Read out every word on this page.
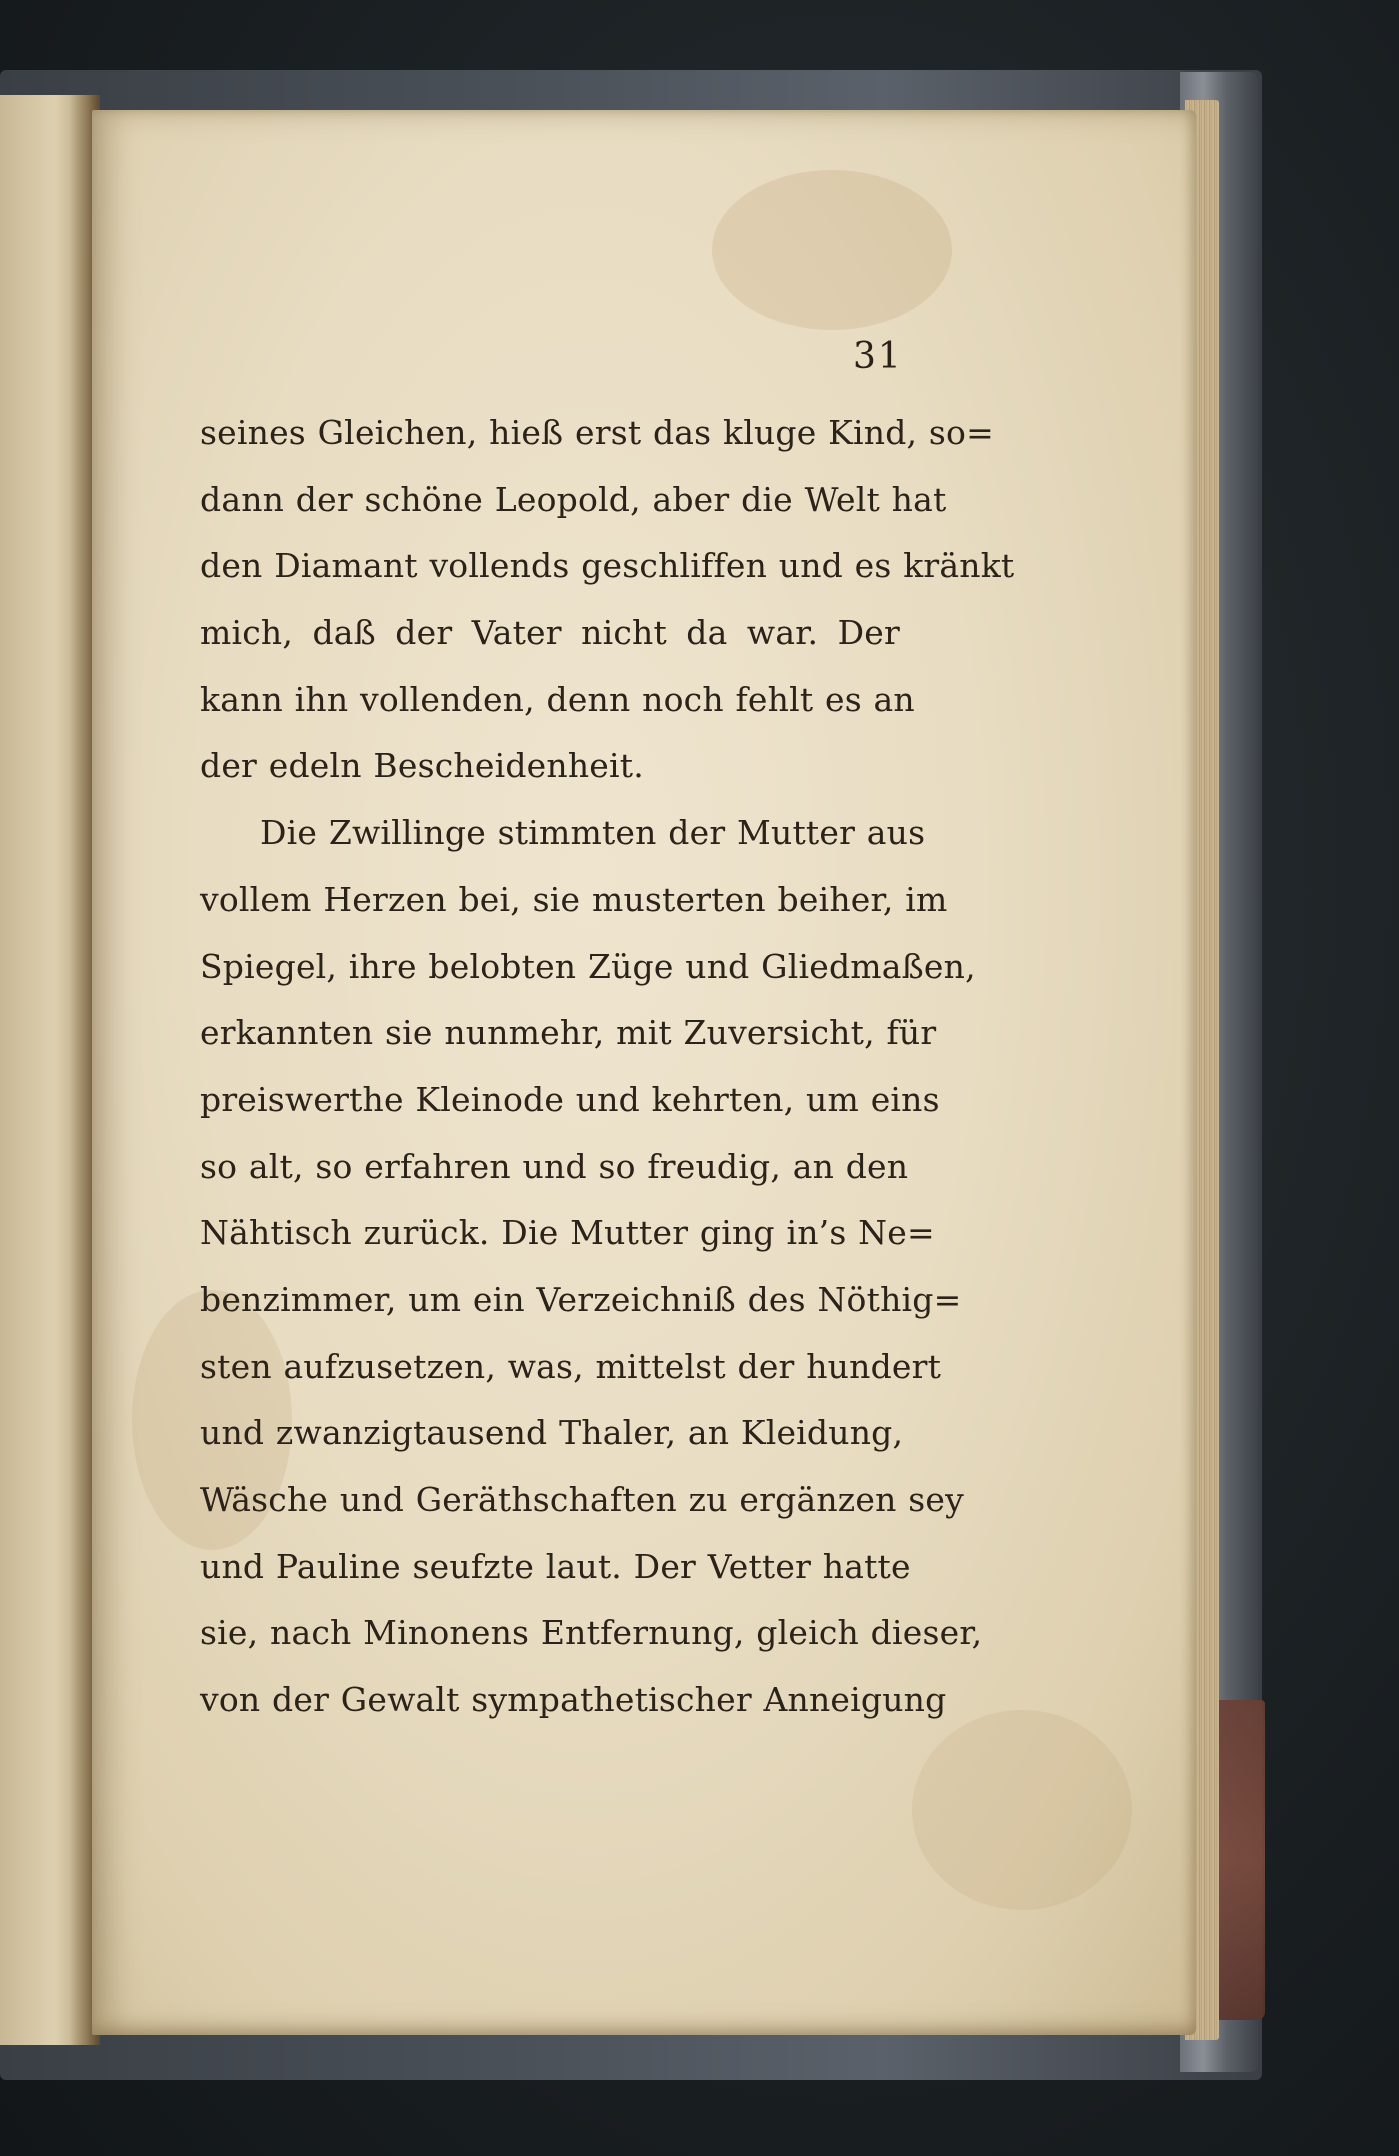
31
seines Gleichen, hieß erst das kluge Kind, so=
dann der schöne Leopold, aber die Welt hat
den Diamant vollends geschliffen und es kränkt
mich, daß der Vater nicht da war. Der
kann ihn vollenden, denn noch fehlt es an
der edeln Bescheidenheit.
Die Zwillinge stimmten der Mutter aus
vollem Herzen bei, sie musterten beiher, im
Spiegel, ihre belobten Züge und Gliedmaßen,
erkannten sie nunmehr, mit Zuversicht, für
preiswerthe Kleinode und kehrten, um eins
so alt, so erfahren und so freudig, an den
Nähtisch zurück. Die Mutter ging in’s Ne=
benzimmer, um ein Verzeichniß des Nöthig=
sten aufzusetzen, was, mittelst der hundert
und zwanzigtausend Thaler, an Kleidung,
Wäsche und Geräthschaften zu ergänzen sey
und Pauline seufzte laut. Der Vetter hatte
sie, nach Minonens Entfernung, gleich dieser,
von der Gewalt sympathetischer Anneigung
